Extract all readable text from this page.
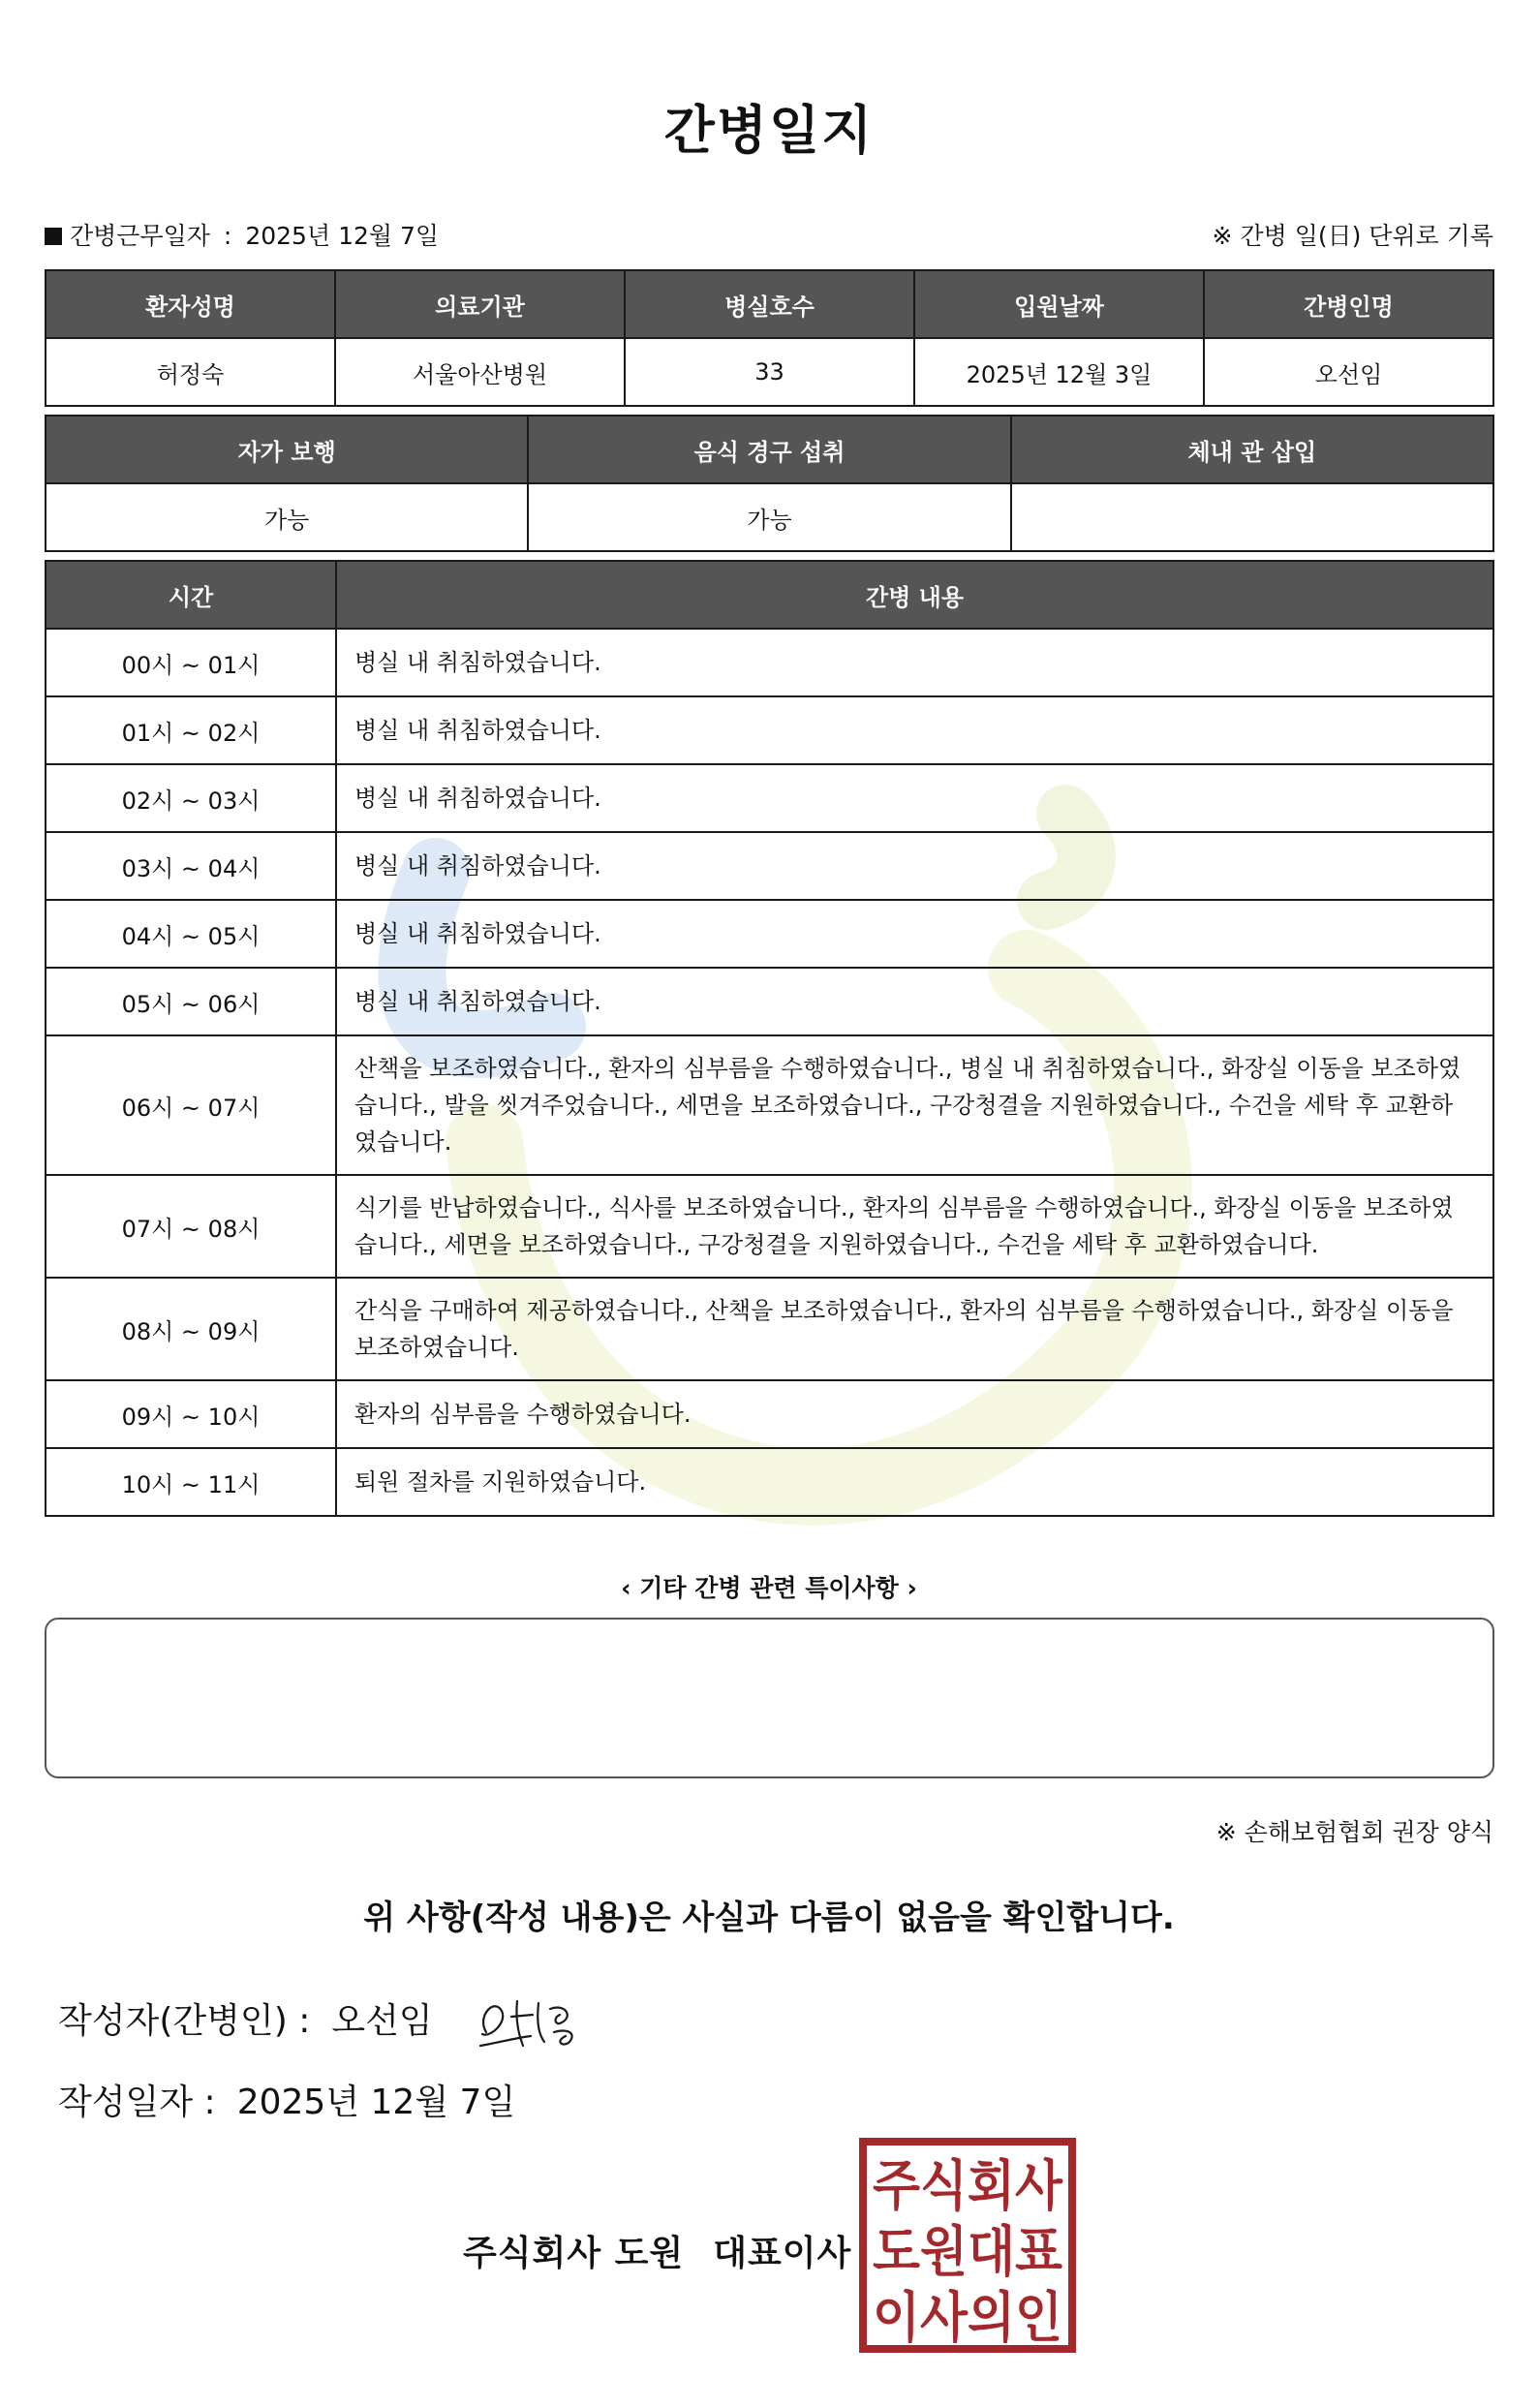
간병일지
간병근무일자 : 2025년 12월 7일	※ 간병 일(日) 단위로 기록
환자성명	의료기관	병실호수	입원날짜	간병인명
허정숙	서울아산병원	33	2025년 12월 3일	오선임
자가 보행	음식 경구 섭취	체내 관 삽입
가능	가능	
시간	간병 내용
00시 ~ 01시	병실 내 취침하였습니다.
01시 ~ 02시	병실 내 취침하였습니다.
02시 ~ 03시	병실 내 취침하였습니다.
03시 ~ 04시	병실 내 취침하였습니다.
04시 ~ 05시	병실 내 취침하였습니다.
05시 ~ 06시	병실 내 취침하였습니다.
06시 ~ 07시	산책을 보조하였습니다., 환자의 심부름을 수행하였습니다., 병실 내 취침하였습니다., 화장실 이동을 보조하였습니다., 발을 씻겨주었습니다., 세면을 보조하였습니다., 구강청결을 지원하였습니다., 수건을 세탁 후 교환하였습니다.
07시 ~ 08시	식기를 반납하였습니다., 식사를 보조하였습니다., 환자의 심부름을 수행하였습니다., 화장실 이동을 보조하였습니다., 세면을 보조하였습니다., 구강청결을 지원하였습니다., 수건을 세탁 후 교환하였습니다.
08시 ~ 09시	간식을 구매하여 제공하였습니다., 산책을 보조하였습니다., 환자의 심부름을 수행하였습니다., 화장실 이동을 보조하였습니다.
09시 ~ 10시	환자의 심부름을 수행하였습니다.
10시 ~ 11시	퇴원 절차를 지원하였습니다.
‹ 기타 간병 관련 특이사항 ›
※ 손해보험협회 권장 양식
위 사항(작성 내용)은 사실과 다름이 없음을 확인합니다.
작성자(간병인) : 오선임
작성일자 : 2025년 12월 7일
주식회사 도원 대표이사
주식회사
도원대표
이사의인
